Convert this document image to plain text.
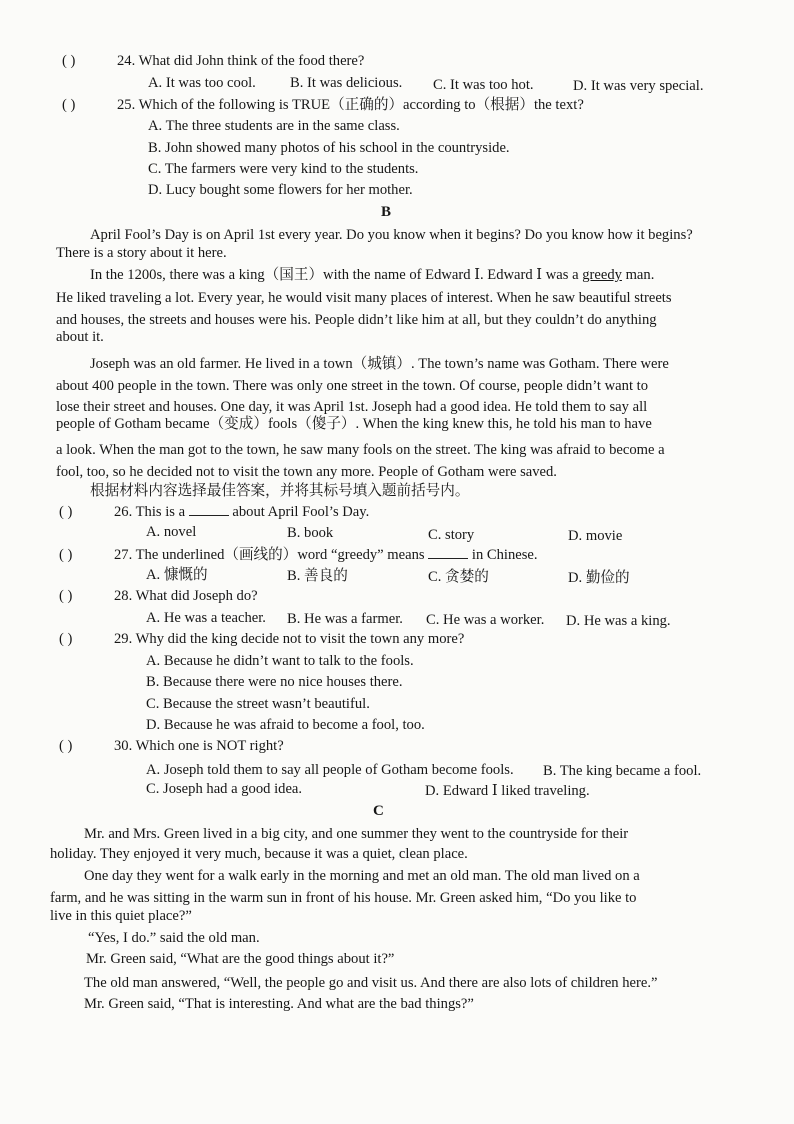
( )	24. What did John think of the food there?
A. It was too cool. B. It was delicious. C. It was too hot.	D. It was very special.
( )	25. Which of the following is TRUE（正确的）according to（根据）the text?
A. The three students are in the same class.
B. John showed many photos of his school in the countryside.
C. The farmers were very kind to the students.
D. Lucy bought some flowers for her mother.
B
April Fool’s Day is on April 1st every year. Do you know when it begins? Do you know how it begins?
There is a story about it here.
In the 1200s, there was a king（国王）with the name of Edward Ⅰ. Edward Ⅰ was a greedy man.
He liked traveling a lot. Every year, he would visit many places of interest. When he saw beautiful streets
and houses, the streets and houses were his. People didn’t like him at all, but they couldn’t do anything
about it.
Joseph was an old farmer. He lived in a town（城镇）. The town’s name was Gotham. There were
about 400 people in the town. There was only one street in the town. Of course, people didn’t want to
lose their street and houses. One day, it was April 1st. Joseph had a good idea. He told them to say all
people of Gotham became（变成）fools（傻子）. When the king knew this, he told his man to have
a look. When the man got to the town, he saw many fools on the street. The king was afraid to become a
fool, too, so he decided not to visit the town any more. People of Gotham were saved.
根据材料内容选择最佳答案，并将其标号填入题前括号内。
( )	26. This is a	about April Fool’s Day.
A. novel	B. book	C. story	D. movie
( )	27. The underlined（画线的）word “greedy” means	in Chinese.
A. 慷慨的	B. 善良的	C. 贪婪的	D. 勤俭的
( )	28. What did Joseph do?
A. He was a teacher. B. He was a farmer. C. He was a worker. D. He was a king.
( )	29. Why did the king decide not to visit the town any more?
A. Because he didn’t want to talk to the fools.
B. Because there were no nice houses there.
C. Because the street wasn’t beautiful.
D. Because he was afraid to become a fool, too.
( )	30. Which one is NOT right?
A. Joseph told them to say all people of Gotham become fools. B. The king became a fool.
C. Joseph had a good idea.	D. Edward Ⅰ liked traveling.
C
Mr. and Mrs. Green lived in a big city, and one summer they went to the countryside for their
holiday. They enjoyed it very much, because it was a quiet, clean place.
One day they went for a walk early in the morning and met an old man. The old man lived on a
farm, and he was sitting in the warm sun in front of his house. Mr. Green asked him, “Do you like to
live in this quiet place?”
“Yes, I do.” said the old man.
Mr. Green said, “What are the good things about it?”
The old man answered, “Well, the people go and visit us. And there are also lots of children here.”
Mr. Green said, “That is interesting. And what are the bad things?”
